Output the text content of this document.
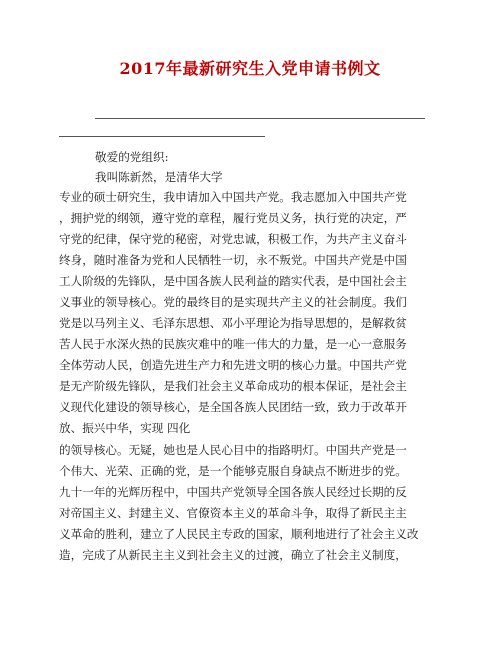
2017年最新研究生入党申请书例文
敬爱的党组织:
我叫陈新然，是清华大学
专业的硕士研究生，我申请加入中国共产党。我志愿加入中国共产党
，拥护党的纲领，遵守党的章程，履行党员义务，执行党的决定，严
守党的纪律，保守党的秘密，对党忠诚，积极工作，为共产主义奋斗
终身，随时准备为党和人民牺牲一切，永不叛党。中国共产党是中国
工人阶级的先锋队，是中国各族人民利益的踏实代表，是中国社会主
义事业的领导核心。党的最终目的是实现共产主义的社会制度。我们
党是以马列主义、毛泽东思想、邓小平理论为指导思想的，是解救贫
苦人民于水深火热的民族灾难中的唯一伟大的力量，是一心一意服务
全体劳动人民，创造先进生产力和先进文明的核心力量。中国共产党
是无产阶级先锋队，是我们社会主义革命成功的根本保证，是社会主
义现代化建设的领导核心，是全国各族人民团结一致，致力于改革开
放、振兴中华，实现 四化
的领导核心。无疑，她也是人民心目中的指路明灯。中国共产党是一
个伟大、光荣、正确的党，是一个能够克服自身缺点不断进步的党。
九十一年的光辉历程中，中国共产党领导全国各族人民经过长期的反
对帝国主义、封建主义、官僚资本主义的革命斗争，取得了新民主主
义革命的胜利，建立了人民民主专政的国家，顺利地进行了社会主义改
造，完成了从新民主主义到社会主义的过渡，确立了社会主义制度，
